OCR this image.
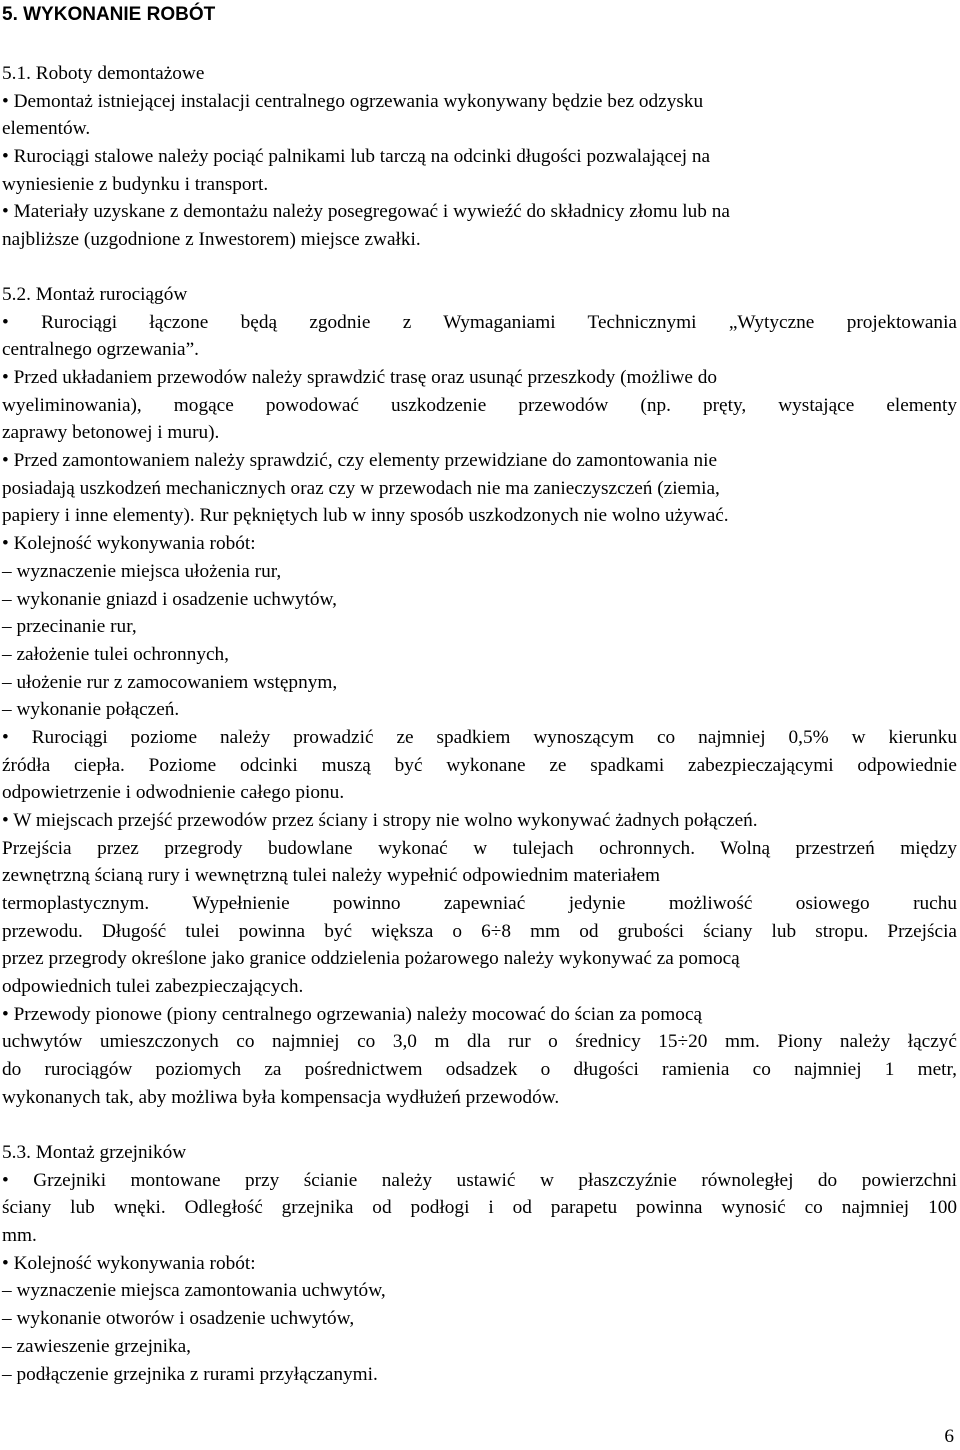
5. WYKONANIE ROBÓT
5.1. Roboty demontażowe
• Demontaż istniejącej instalacji centralnego ogrzewania wykonywany będzie bez odzysku
elementów.
• Rurociągi stalowe należy pociąć palnikami lub tarczą na odcinki długości pozwalającej na
wyniesienie z budynku i transport.
• Materiały uzyskane z demontażu należy posegregować i wywieźć do składnicy złomu lub na
najbliższe (uzgodnione z Inwestorem) miejsce zwałki.
5.2. Montaż rurociągów
• Rurociągi łączone będą zgodnie z Wymaganiami Technicznymi „Wytyczne projektowania
centralnego ogrzewania”.
• Przed układaniem przewodów należy sprawdzić trasę oraz usunąć przeszkody (możliwe do
wyeliminowania), mogące powodować uszkodzenie przewodów (np. pręty, wystające elementy
zaprawy betonowej i muru).
• Przed zamontowaniem należy sprawdzić, czy elementy przewidziane do zamontowania nie
posiadają uszkodzeń mechanicznych oraz czy w przewodach nie ma zanieczyszczeń (ziemia,
papiery i inne elementy). Rur pękniętych lub w inny sposób uszkodzonych nie wolno używać.
• Kolejność wykonywania robót:
– wyznaczenie miejsca ułożenia rur,
– wykonanie gniazd i osadzenie uchwytów,
– przecinanie rur,
– założenie tulei ochronnych,
– ułożenie rur z zamocowaniem wstępnym,
– wykonanie połączeń.
• Rurociągi poziome należy prowadzić ze spadkiem wynoszącym co najmniej 0,5% w kierunku
źródła ciepła. Poziome odcinki muszą być wykonane ze spadkami zabezpieczającymi odpowiednie
odpowietrzenie i odwodnienie całego pionu.
• W miejscach przejść przewodów przez ściany i stropy nie wolno wykonywać żadnych połączeń.
Przejścia przez przegrody budowlane wykonać w tulejach ochronnych. Wolną przestrzeń między
zewnętrzną ścianą rury i wewnętrzną tulei należy wypełnić odpowiednim materiałem
termoplastycznym. Wypełnienie powinno zapewniać jedynie możliwość osiowego ruchu
przewodu. Długość tulei powinna być większa o 6÷8 mm od grubości ściany lub stropu. Przejścia
przez przegrody określone jako granice oddzielenia pożarowego należy wykonywać za pomocą
odpowiednich tulei zabezpieczających.
• Przewody pionowe (piony centralnego ogrzewania) należy mocować do ścian za pomocą
uchwytów umieszczonych co najmniej co 3,0 m dla rur o średnicy 15÷20 mm. Piony należy łączyć
do rurociągów poziomych za pośrednictwem odsadzek o długości ramienia co najmniej 1 metr,
wykonanych tak, aby możliwa była kompensacja wydłużeń przewodów.
5.3. Montaż grzejników
• Grzejniki montowane przy ścianie należy ustawić w płaszczyźnie równoległej do powierzchni
ściany lub wnęki. Odległość grzejnika od podłogi i od parapetu powinna wynosić co najmniej 100
mm.
• Kolejność wykonywania robót:
– wyznaczenie miejsca zamontowania uchwytów,
– wykonanie otworów i osadzenie uchwytów,
– zawieszenie grzejnika,
– podłączenie grzejnika z rurami przyłączanymi.
6
